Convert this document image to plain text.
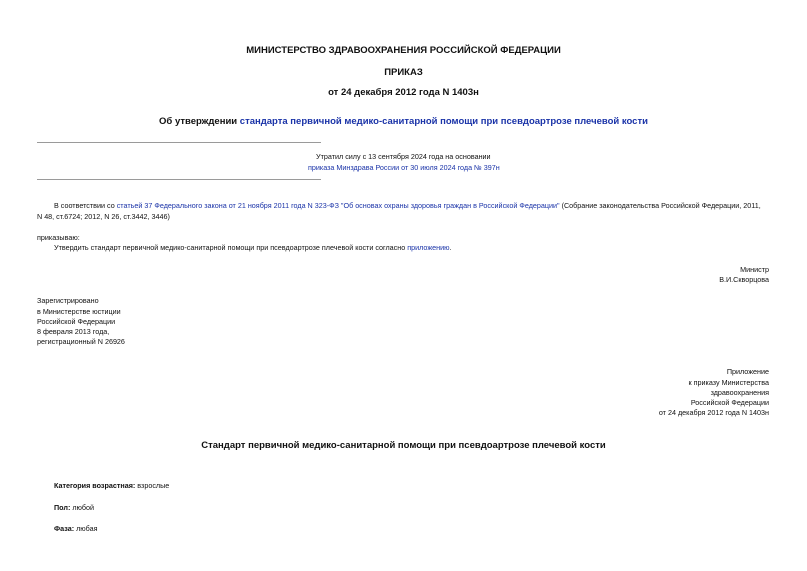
МИНИСТЕРСТВО ЗДРАВООХРАНЕНИЯ РОССИЙСКОЙ ФЕДЕРАЦИИ
ПРИКАЗ
от 24 декабря 2012 года N 1403н
Об утверждении стандарта первичной медико-санитарной помощи при псевдоартрозе плечевой кости
Утратил силу с 13 сентября 2024 года на основании
приказа Минздрава России от 30 июля 2024 года № 397н
В соответствии со статьей 37 Федерального закона от 21 ноября 2011 года N 323-ФЗ "Об основах охраны здоровья граждан в Российской Федерации" (Собрание законодательства Российской Федерации, 2011,
N 48, ст.6724; 2012, N 26, ст.3442, 3446)
приказываю:
Утвердить стандарт первичной медико-санитарной помощи при псевдоартрозе плечевой кости согласно приложению.
Министр
В.И.Скворцова
Зарегистрировано
в Министерстве юстиции
Российской Федерации
8 февраля 2013 года,
регистрационный N 26926
Приложение
к приказу Министерства
здравоохранения
Российской Федерации
от 24 декабря 2012 года N 1403н
Стандарт первичной медико-санитарной помощи при псевдоартрозе плечевой кости
Категория возрастная: взрослые
Пол: любой
Фаза: любая
